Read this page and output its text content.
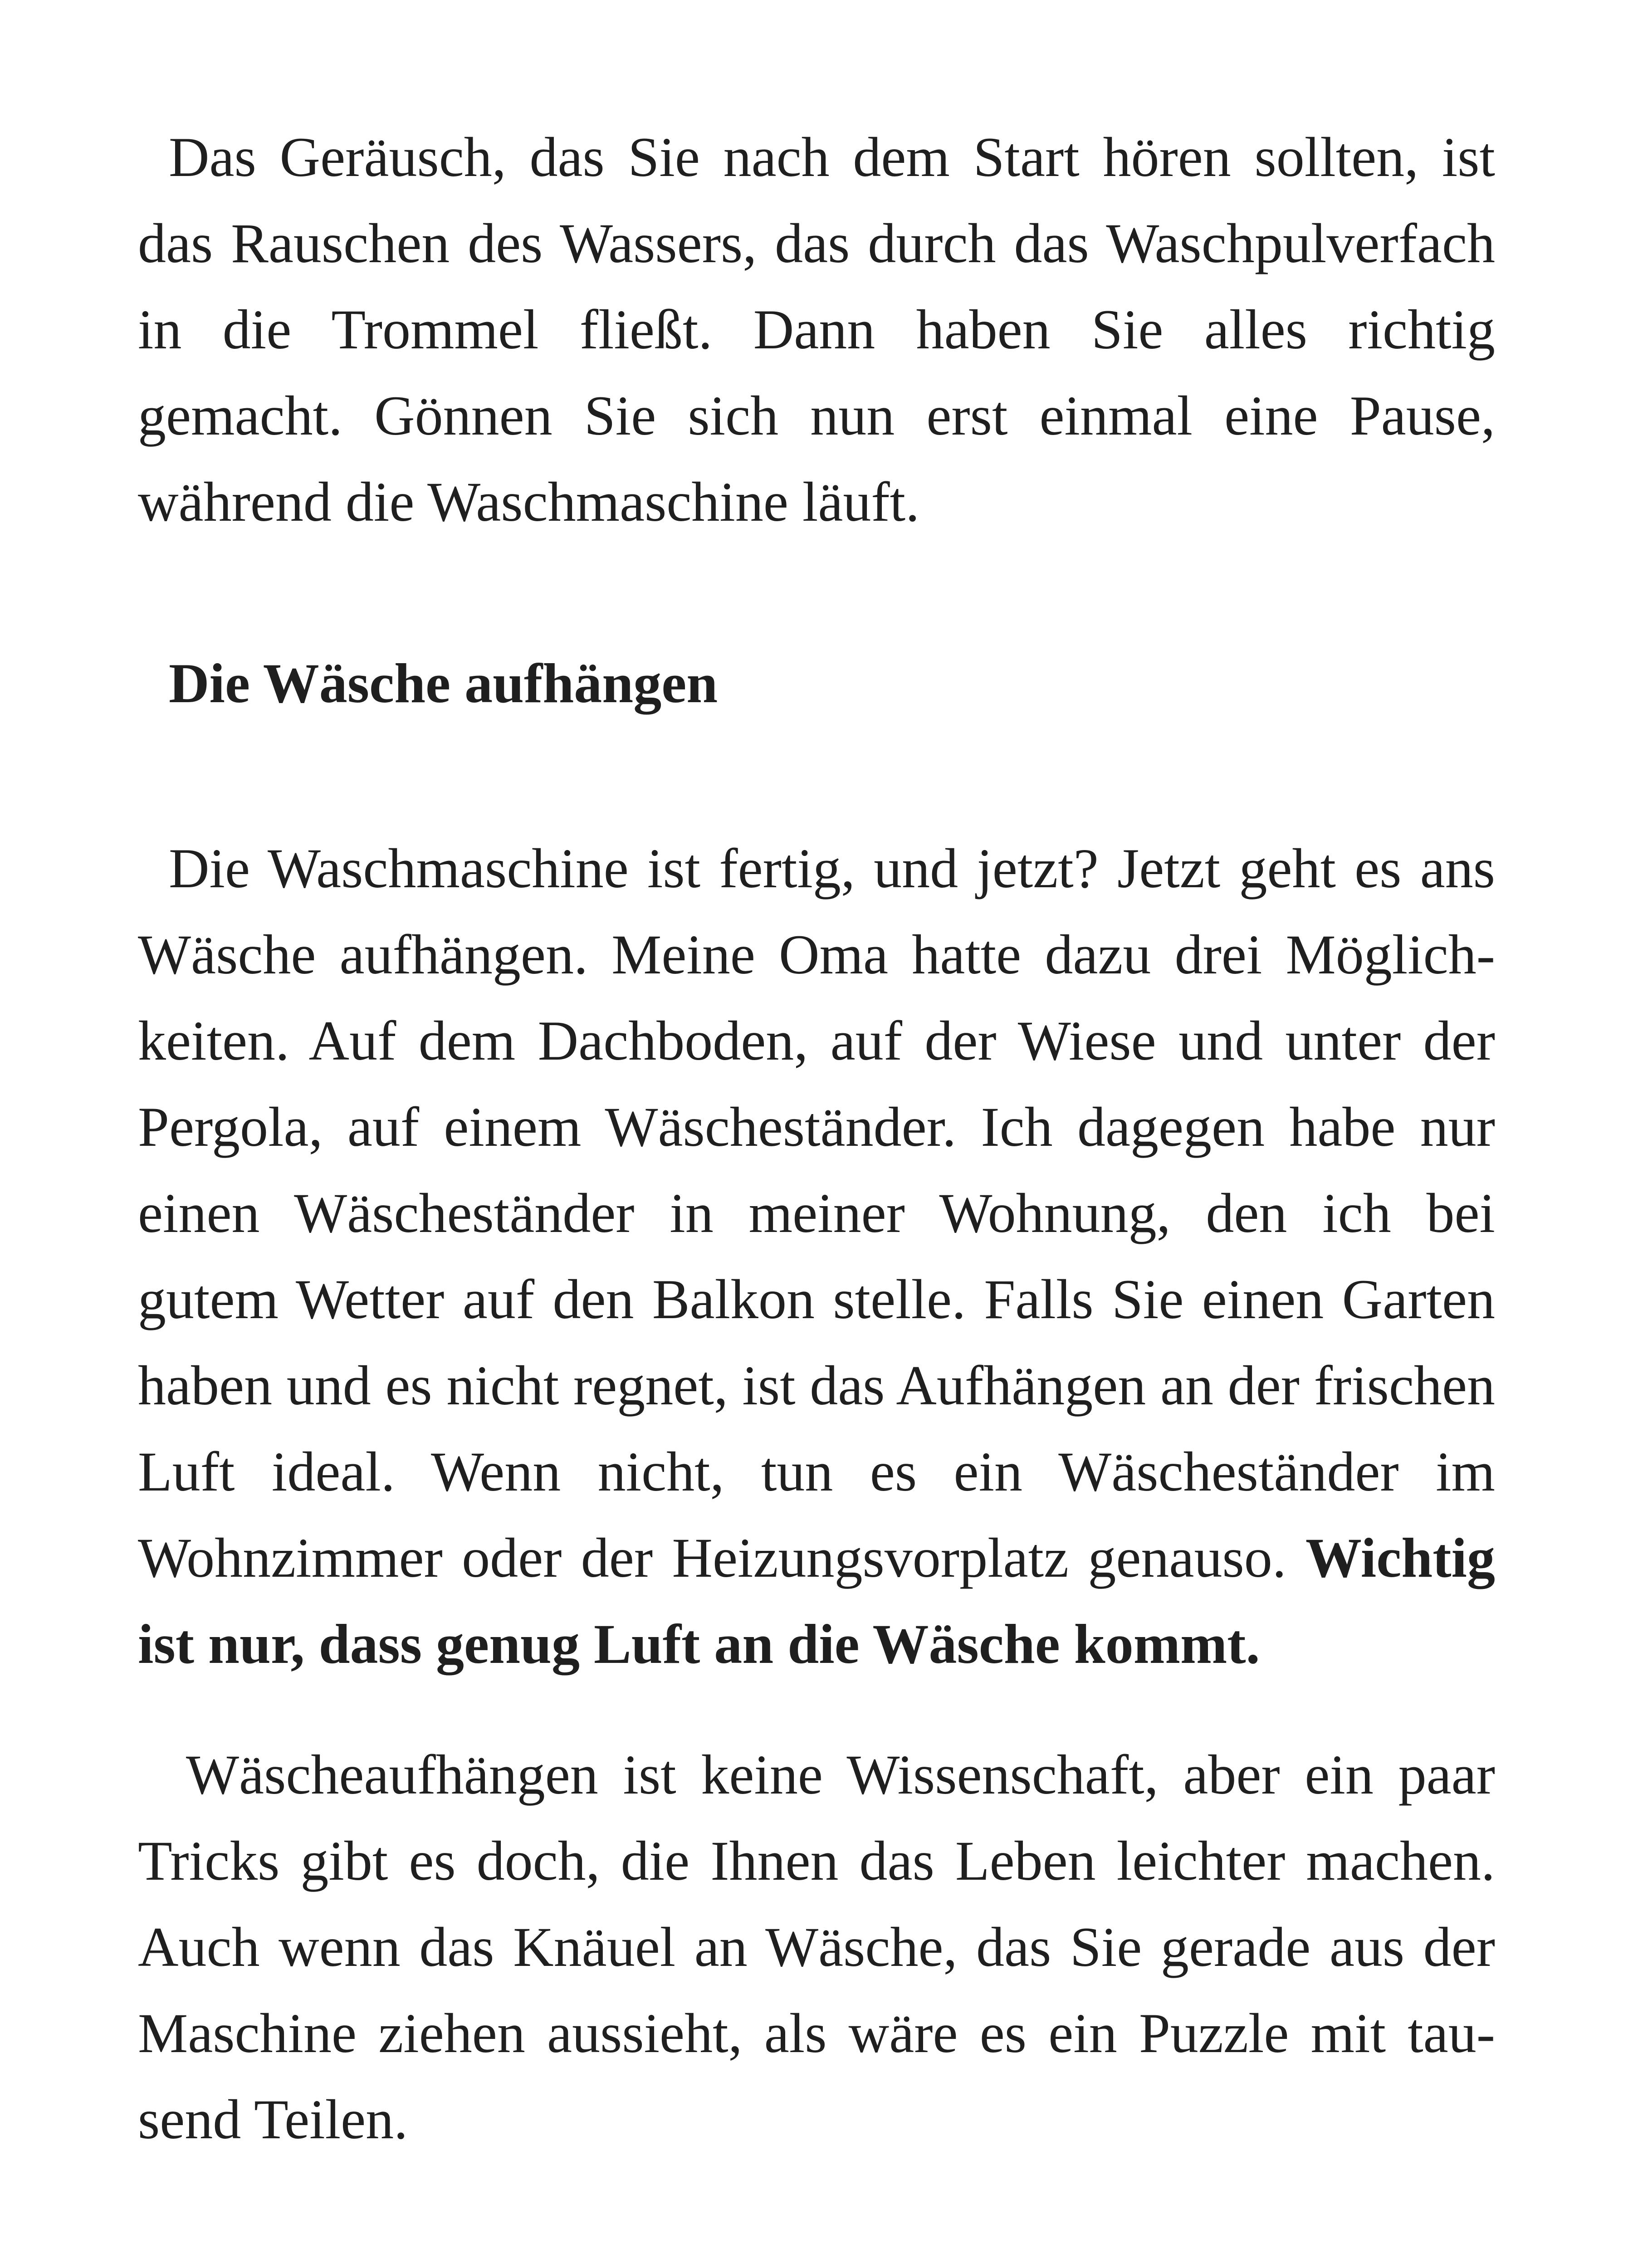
Das Geräusch, das Sie nach dem Start hören sollten, ist das Rauschen des Wassers, das durch das Waschpulverfach in die Trommel fließt. Dann haben Sie alles richtig gemacht. Gönnen Sie sich nun erst einmal eine Pause, während die Waschmaschine läuft.

Die Wäsche aufhängen

Die Waschmaschine ist fertig, und jetzt? Jetzt geht es ans Wäsche aufhängen. Meine Oma hatte dazu drei Möglichkeiten. Auf dem Dachboden, auf der Wiese und unter der Pergola, auf einem Wäscheständer. Ich dagegen habe nur einen Wäscheständer in meiner Wohnung, den ich bei gutem Wetter auf den Balkon stelle. Falls Sie einen Garten haben und es nicht regnet, ist das Aufhängen an der frischen Luft ideal. Wenn nicht, tun es ein Wäscheständer im Wohnzimmer oder der Heizungsvorplatz genauso. Wichtig ist nur, dass genug Luft an die Wäsche kommt.

Wäscheaufhängen ist keine Wissenschaft, aber ein paar Tricks gibt es doch, die Ihnen das Leben leichter machen. Auch wenn das Knäuel an Wäsche, das Sie gerade aus der Maschine ziehen aussieht, als wäre es ein Puzzle mit tausend Teilen.
